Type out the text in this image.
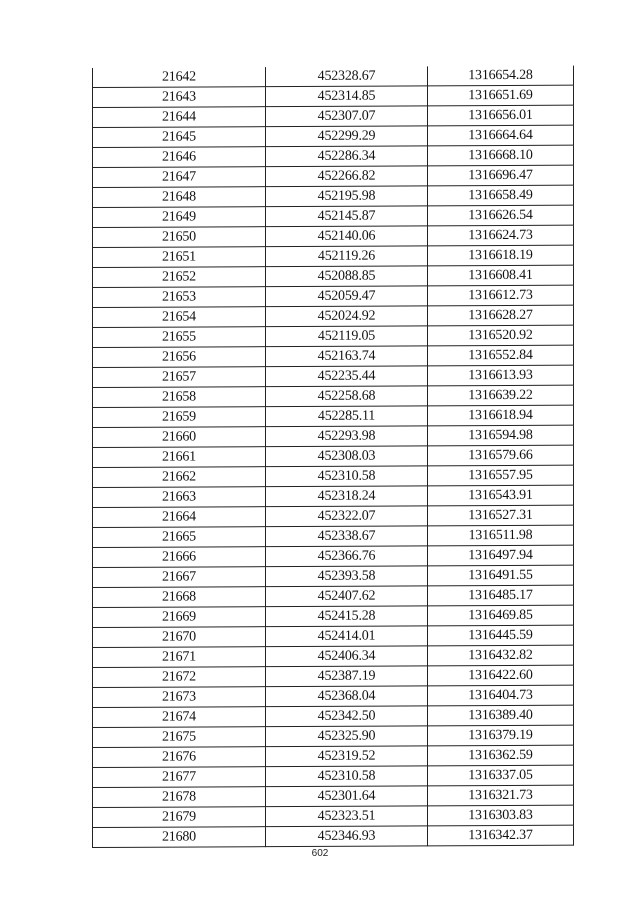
21642	452328.67	1316654.28
21643	452314.85	1316651.69
21644	452307.07	1316656.01
21645	452299.29	1316664.64
21646	452286.34	1316668.10
21647	452266.82	1316696.47
21648	452195.98	1316658.49
21649	452145.87	1316626.54
21650	452140.06	1316624.73
21651	452119.26	1316618.19
21652	452088.85	1316608.41
21653	452059.47	1316612.73
21654	452024.92	1316628.27
21655	452119.05	1316520.92
21656	452163.74	1316552.84
21657	452235.44	1316613.93
21658	452258.68	1316639.22
21659	452285.11	1316618.94
21660	452293.98	1316594.98
21661	452308.03	1316579.66
21662	452310.58	1316557.95
21663	452318.24	1316543.91
21664	452322.07	1316527.31
21665	452338.67	1316511.98
21666	452366.76	1316497.94
21667	452393.58	1316491.55
21668	452407.62	1316485.17
21669	452415.28	1316469.85
21670	452414.01	1316445.59
21671	452406.34	1316432.82
21672	452387.19	1316422.60
21673	452368.04	1316404.73
21674	452342.50	1316389.40
21675	452325.90	1316379.19
21676	452319.52	1316362.59
21677	452310.58	1316337.05
21678	452301.64	1316321.73
21679	452323.51	1316303.83
21680	452346.93	1316342.37
602
